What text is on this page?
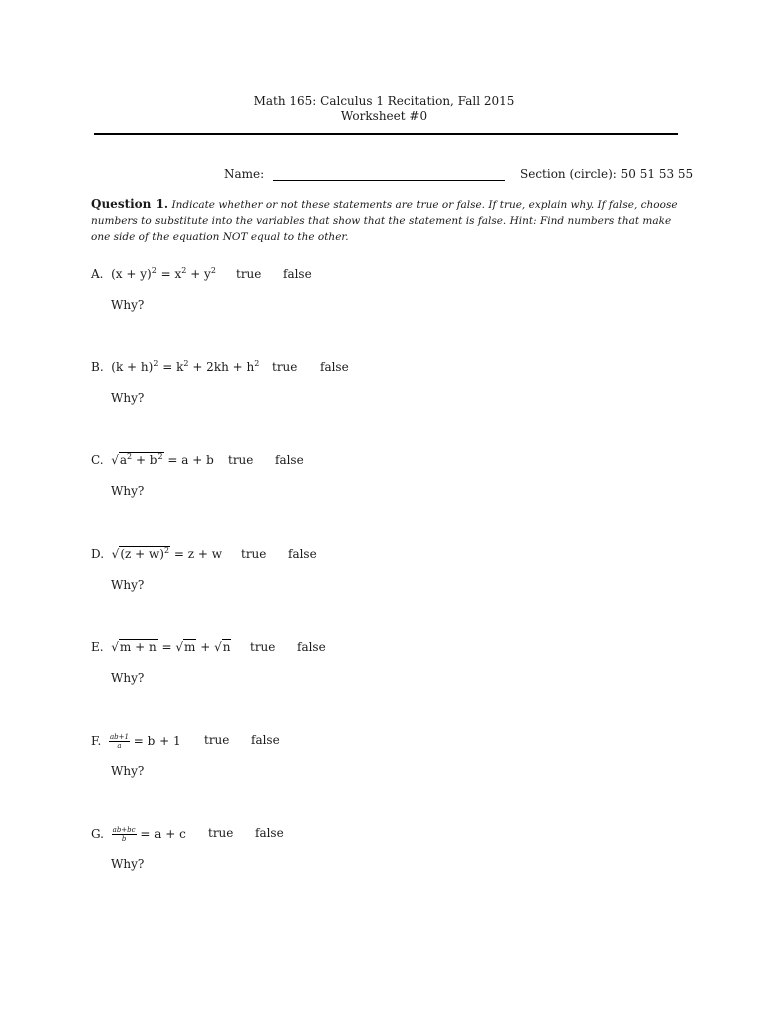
Math 165: Calculus 1 Recitation, Fall 2015
Worksheet #0
Name:	Section (circle): 50 51 53 55
Question 1. Indicate whether or not these statements are true or false. If true, explain why. If false, choose numbers to substitute into the variables that show that the statement is false. Hint: Find numbers that make one side of the equation NOT equal to the other.
A.  $(x + y)^2 = x^2 + y^2$ true false
Why?
B.  $(k + h)^2 = k^2 + 2kh + h^2$ true false
Why?
C.  $√a^2 + b^2 = a + b$ true false
Why?
D.  $√(z + w)^2 = z + w$ true false
Why?
E.  √m + n = √m + √n true false
Why?
F. $\frac{ab+1}{a} = b + 1$ true false
Why?
G. $\frac{ab+bc}{b} = a + c$ true false
Why?
